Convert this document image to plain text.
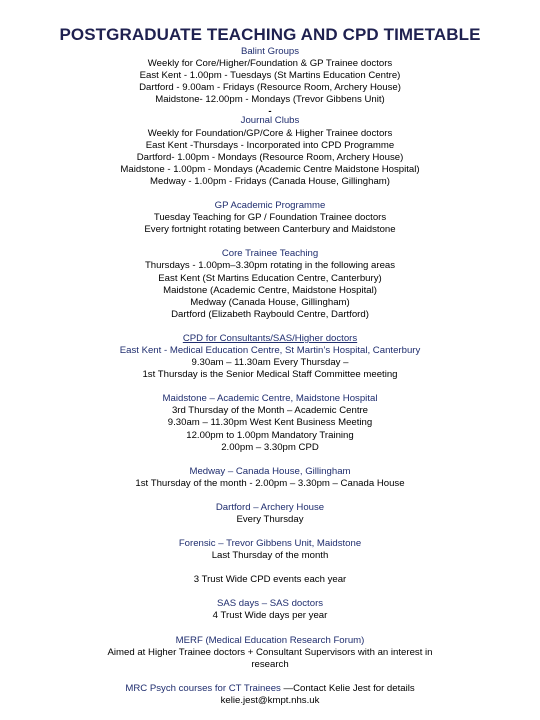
POSTGRADUATE TEACHING AND CPD TIMETABLE
Balint Groups
Weekly for Core/Higher/Foundation & GP Trainee doctors
East Kent - 1.00pm - Tuesdays (St Martins Education Centre)
Dartford - 9.00am - Fridays (Resource Room, Archery House)
Maidstone- 12.00pm - Mondays (Trevor Gibbens Unit)
-
Journal Clubs
Weekly for Foundation/GP/Core & Higher Trainee doctors
East Kent -Thursdays - Incorporated into CPD Programme
Dartford- 1.00pm - Mondays (Resource Room, Archery House)
Maidstone - 1.00pm - Mondays (Academic Centre Maidstone Hospital)
Medway - 1.00pm - Fridays (Canada House, Gillingham)
GP Academic Programme
Tuesday Teaching for GP / Foundation Trainee doctors
Every fortnight rotating between Canterbury and Maidstone
Core Trainee Teaching
Thursdays - 1.00pm–3.30pm rotating in the following areas
East Kent (St Martins Education Centre, Canterbury)
Maidstone (Academic Centre, Maidstone Hospital)
Medway (Canada House, Gillingham)
Dartford (Elizabeth Raybould Centre, Dartford)
CPD for Consultants/SAS/Higher doctors
East Kent - Medical Education Centre, St Martin’s Hospital, Canterbury
9.30am – 11.30am Every Thursday –
1st Thursday is the Senior Medical Staff Committee meeting
Maidstone – Academic Centre, Maidstone Hospital
3rd Thursday of the Month – Academic Centre
9.30am – 11.30pm West Kent Business Meeting
12.00pm to 1.00pm Mandatory Training
2.00pm – 3.30pm CPD
Medway – Canada House, Gillingham
1st Thursday of the month - 2.00pm – 3.30pm – Canada House
Dartford – Archery House
Every Thursday
Forensic – Trevor Gibbens Unit, Maidstone
Last Thursday of the month
3 Trust Wide CPD events each year
SAS days – SAS doctors
4 Trust Wide days per year
MERF (Medical Education Research Forum)
Aimed at Higher Trainee doctors + Consultant Supervisors with an interest in
research
MRC Psych courses for CT Trainees —Contact Kelie Jest for details
kelie.jest@kmpt.nhs.uk
